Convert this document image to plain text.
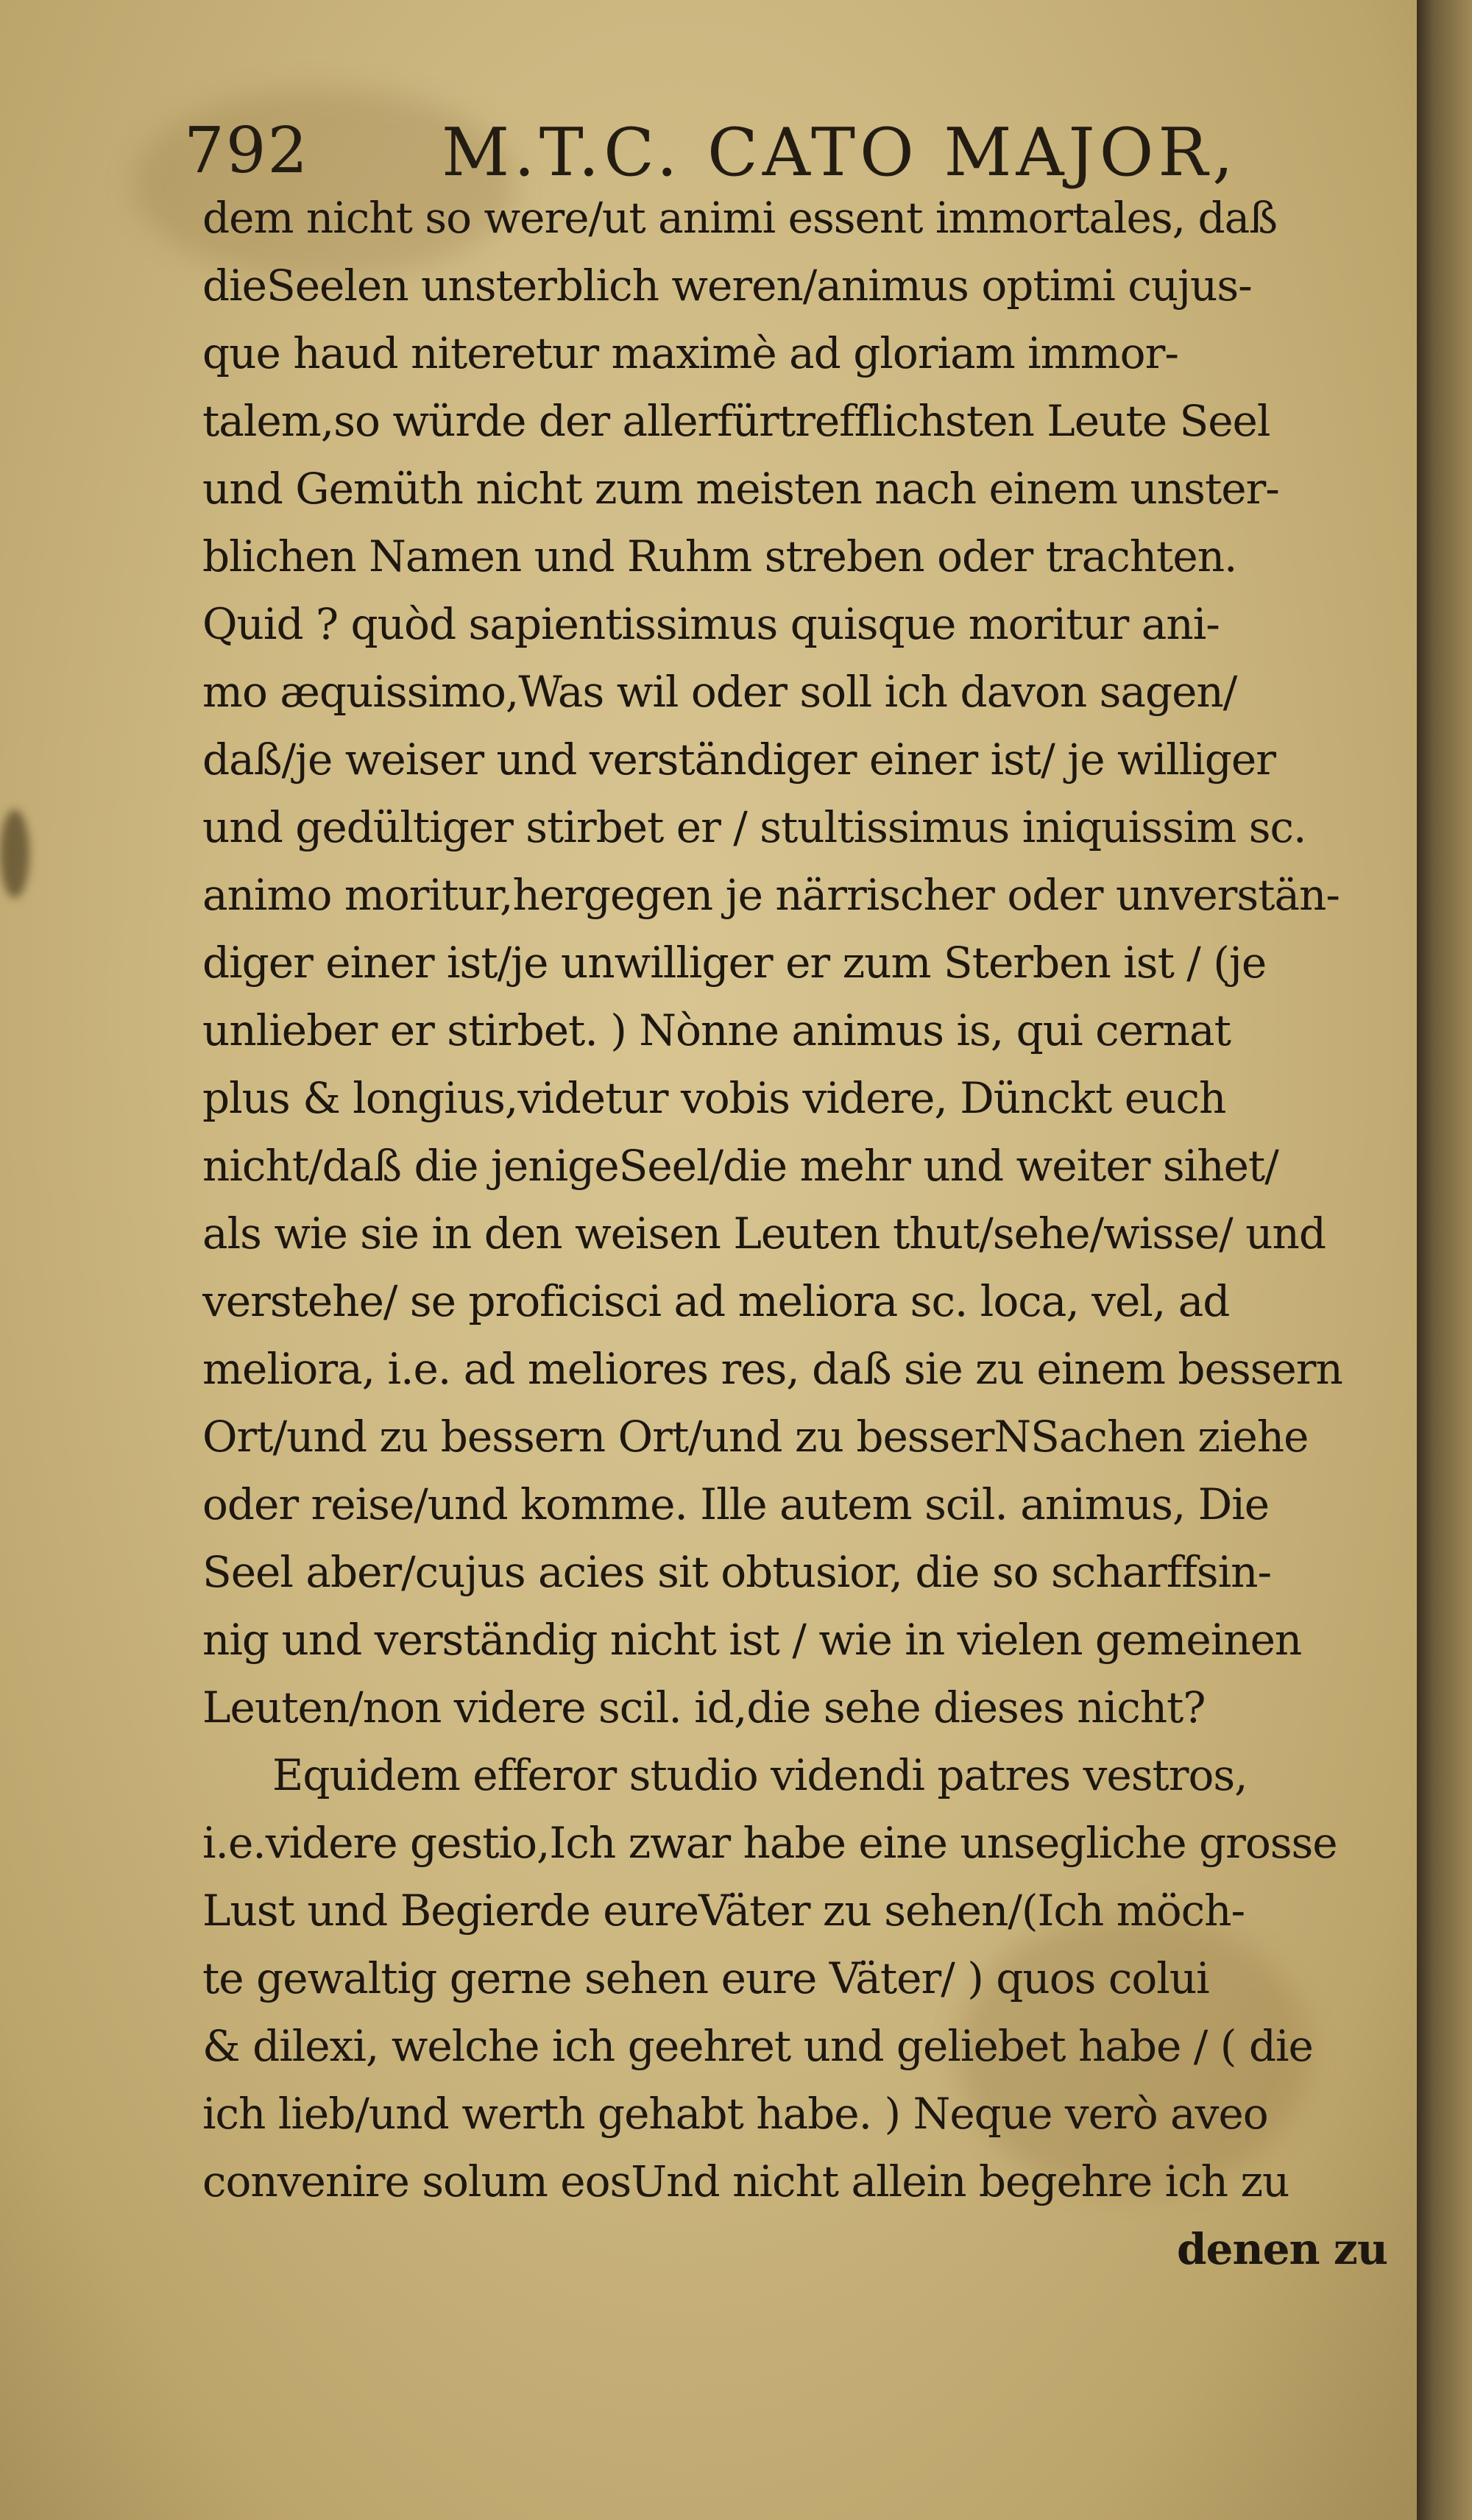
792 M.T.C. CATO MAJOR,
dem nicht so were/ut animi essent immortales, daß
dieSeelen unsterblich weren/animus optimi cujus-
que haud niteretur maximè ad gloriam immor-
talem,so würde der allerfürtrefflichsten Leute Seel
und Gemüth nicht zum meisten nach einem unster-
blichen Namen und Ruhm streben oder trachten.
Quid ? quòd sapientissimus quisque moritur ani-
mo æquissimo,Was wil oder soll ich davon sagen/
daß/je weiser und verständiger einer ist/ je williger
und gedültiger stirbet er / stultissimus iniquissim sc.
animo moritur,hergegen je närrischer oder unverstän-
diger einer ist/je unwilliger er zum Sterben ist / (je
unlieber er stirbet. ) Nònne animus is, qui cernat
plus & longius,videtur vobis videre, Dünckt euch
nicht/daß die jenigeSeel/die mehr und weiter sihet/
als wie sie in den weisen Leuten thut/sehe/wisse/ und
verstehe/ se proficisci ad meliora sc. loca, vel, ad
meliora, i.e. ad meliores res, daß sie zu einem bessern
Ort/und zu bessern Ort/und zu besserNSachen ziehe
oder reise/und komme. Ille autem scil. animus, Die
Seel aber/cujus acies sit obtusior, die so scharffsin-
nig und verständig nicht ist / wie in vielen gemeinen
Leuten/non videre scil. id,die sehe dieses nicht?
Equidem efferor studio videndi patres vestros,
i.e.videre gestio,Ich zwar habe eine unsegliche grosse
Lust und Begierde eureVäter zu sehen/(Ich möch-
te gewaltig gerne sehen eure Väter/ ) quos colui
& dilexi, welche ich geehret und geliebet habe / ( die
ich lieb/und werth gehabt habe. ) Neque verò aveo
convenire solum eosUnd nicht allein begehre ich zu
denen zu
